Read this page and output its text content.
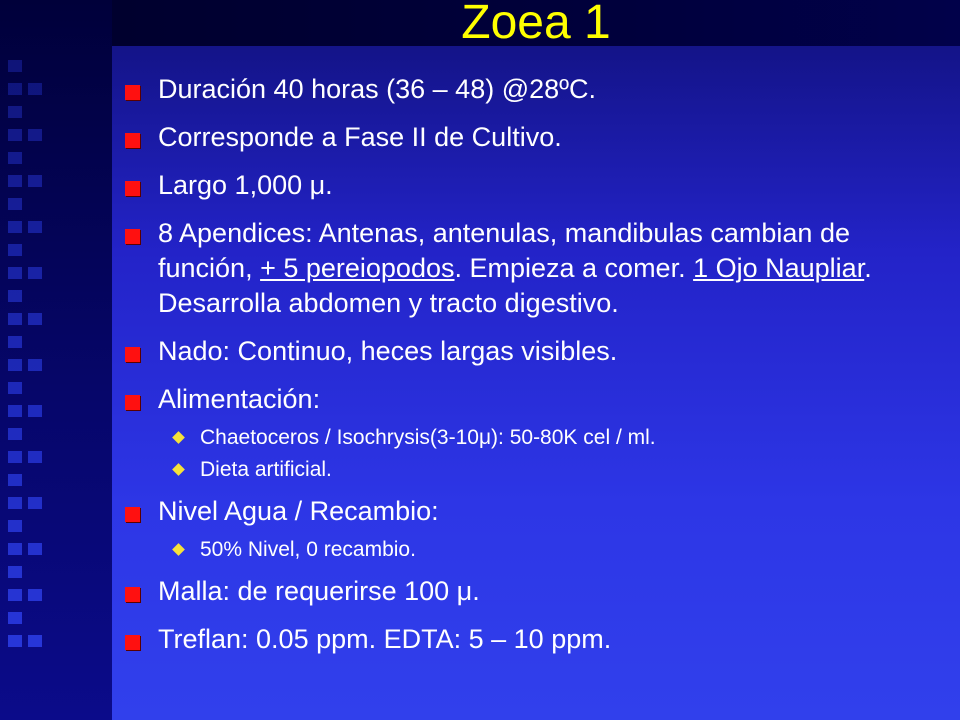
Zoea 1
Duración 40 horas (36 – 48) @28ºC.
Corresponde a Fase II de Cultivo.
Largo 1,000 μ.
8 Apendices: Antenas, antenulas, mandibulas cambian de función, + 5 pereiopodos. Empieza a comer. 1 Ojo Naupliar. Desarrolla abdomen y tracto digestivo.
Nado: Continuo, heces largas visibles.
Alimentación:
Chaetoceros / Isochrysis(3-10μ): 50-80K cel / ml.
Dieta artificial.
Nivel Agua / Recambio:
50% Nivel, 0 recambio.
Malla: de requerirse 100 μ.
Treflan: 0.05 ppm. EDTA: 5 – 10 ppm.
